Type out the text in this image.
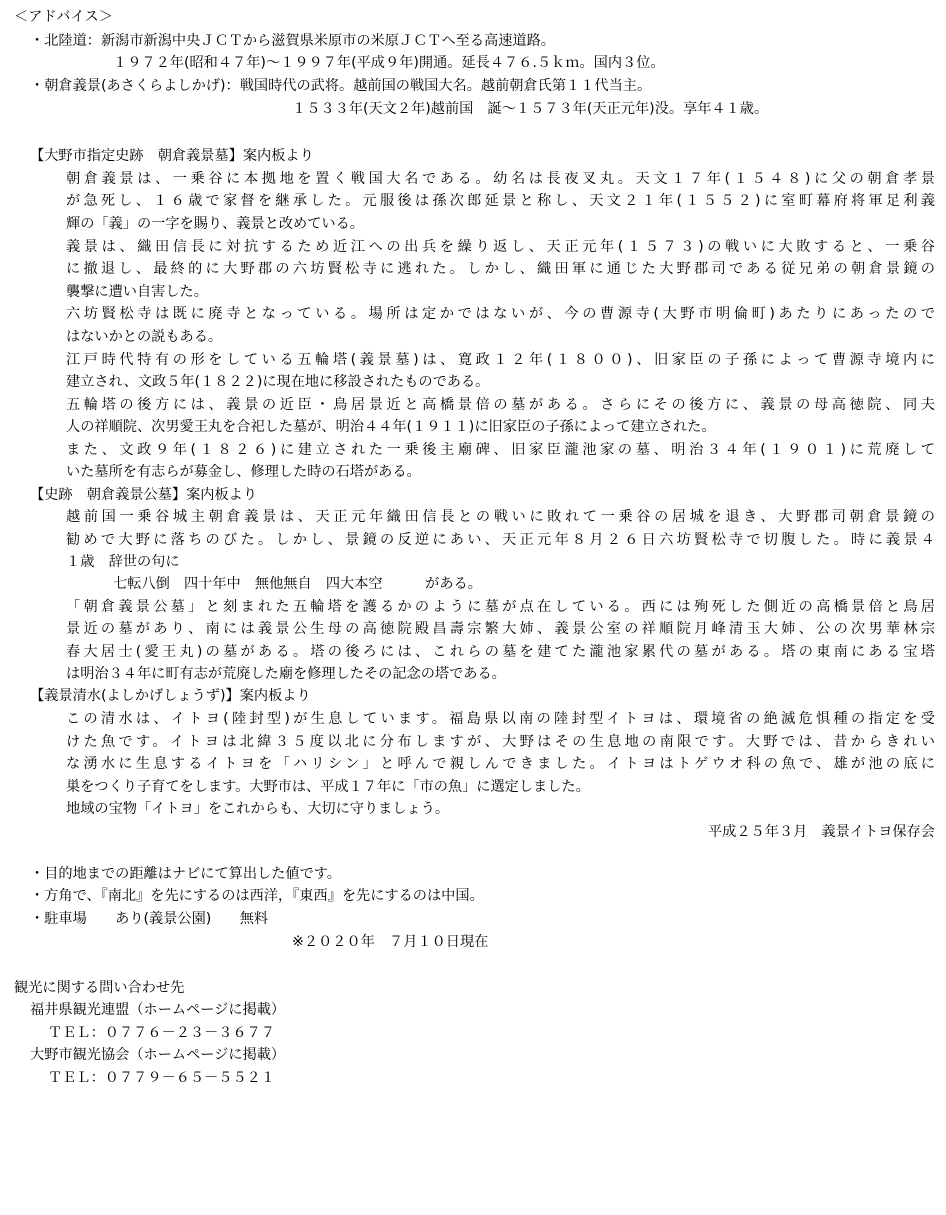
＜アドバイス＞
・北陸道：新潟市新潟中央ＪＣＴから滋賀県米原市の米原ＪＣＴへ至る高速道路。
１９７２年(昭和４７年)～１９９７年(平成９年)開通。延長４７６.５ｋｍ。国内３位。
・朝倉義景(あさくらよしかげ)：戦国時代の武将。越前国の戦国大名。越前朝倉氏第１１代当主。
１５３３年(天文２年)越前国　誕～１５７３年(天正元年)没。享年４１歳。
【大野市指定史跡　朝倉義景墓】案内板より
朝倉義景は、一乗谷に本拠地を置く戦国大名である。幼名は長夜叉丸。天文１７年(１５４８)に父の朝倉孝景
が急死し、１６歳で家督を継承した。元服後は孫次郎延景と称し、天文２１年(１５５２)に室町幕府将軍足利義
輝の「義」の一字を賜り、義景と改めている。
義景は、織田信長に対抗するため近江への出兵を繰り返し、天正元年(１５７３)の戦いに大敗すると、一乗谷
に撤退し、最終的に大野郡の六坊賢松寺に逃れた。しかし、織田軍に通じた大野郡司である従兄弟の朝倉景鏡の
襲撃に遭い自害した。
六坊賢松寺は既に廃寺となっている。場所は定かではないが、今の曹源寺(大野市明倫町)あたりにあったので
はないかとの説もある。
江戸時代特有の形をしている五輪塔(義景墓)は、寛政１２年(１８００)、旧家臣の子孫によって曹源寺境内に
建立され、文政５年(１８２２)に現在地に移設されたものである。
五輪塔の後方には、義景の近臣・鳥居景近と高橋景倍の墓がある。さらにその後方に、義景の母高徳院、同夫
人の祥順院、次男愛王丸を合祀した墓が、明治４４年(１９１１)に旧家臣の子孫によって建立された。
また、文政９年(１８２６)に建立された一乗後主廟碑、旧家臣瀧池家の墓、明治３４年(１９０１)に荒廃して
いた墓所を有志らが募金し、修理した時の石塔がある。
【史跡　朝倉義景公墓】案内板より
越前国一乗谷城主朝倉義景は、天正元年織田信長との戦いに敗れて一乗谷の居城を退き、大野郡司朝倉景鏡の
勧めで大野に落ちのびた。しかし、景鏡の反逆にあい、天正元年８月２６日六坊賢松寺で切腹した。時に義景４
１歳　辞世の句に
七転八倒　四十年中　無他無自　四大本空　　　がある。
「朝倉義景公墓」と刻まれた五輪塔を護るかのように墓が点在している。西には殉死した側近の高橋景倍と鳥居
景近の墓があり、南には義景公生母の高徳院殿昌壽宗繁大姉、義景公室の祥順院月峰清玉大姉、公の次男華林宗
春大居士(愛王丸)の墓がある。塔の後ろには、これらの墓を建てた瀧池家累代の墓がある。塔の東南にある宝塔
は明治３４年に町有志が荒廃した廟を修理したその記念の塔である。
【義景清水(よしかげしょうず)】案内板より
この清水は、イトヨ(陸封型)が生息しています。福島県以南の陸封型イトヨは、環境省の絶滅危惧種の指定を受
けた魚です。イトヨは北緯３５度以北に分布しますが、大野はその生息地の南限です。大野では、昔からきれい
な湧水に生息するイトヨを「ハリシン」と呼んで親しんできました。イトヨはトゲウオ科の魚で、雄が池の底に
巣をつくり子育てをします。大野市は、平成１７年に「市の魚」に選定しました。
地域の宝物「イトヨ」をこれからも、大切に守りましょう。
平成２５年３月　義景イトヨ保存会
・目的地までの距離はナビにて算出した値です。
・方角で、『南北』を先にするのは西洋，『東西』を先にするのは中国。
・駐車場　　あり(義景公園)　　無料
※２０２０年　７月１０日現在
観光に関する問い合わせ先
福井県観光連盟（ホームページに掲載）
ＴＥＬ：０７７６－２３－３６７７
大野市観光協会（ホームページに掲載）
ＴＥＬ：０７７９－６５－５５２１
